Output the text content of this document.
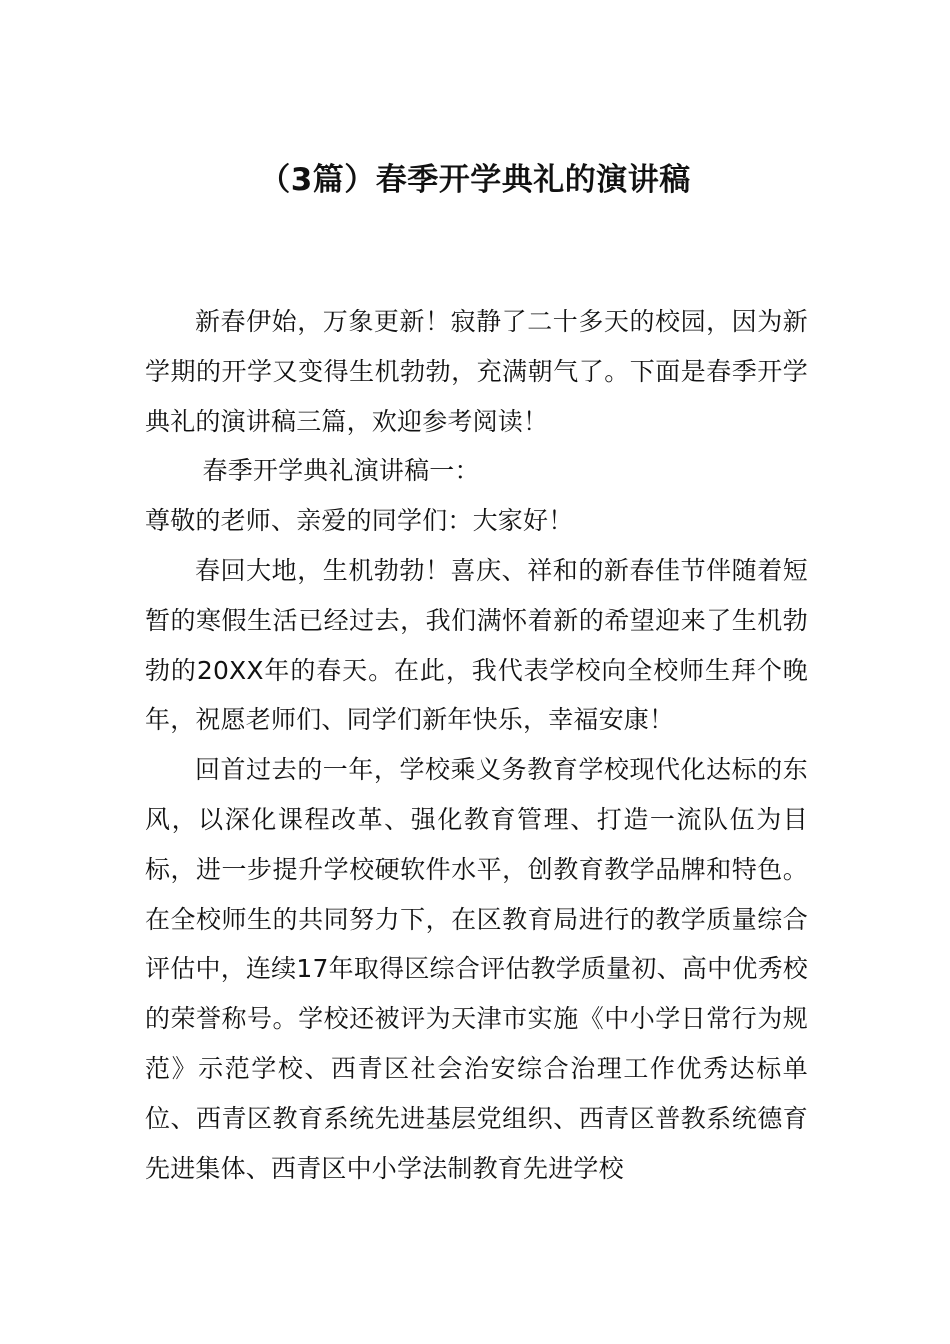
（3篇）春季开学典礼的演讲稿

新春伊始，万象更新！寂静了二十多天的校园，因为新学期的开学又变得生机勃勃，充满朝气了。下面是春季开学典礼的演讲稿三篇，欢迎参考阅读！

春季开学典礼演讲稿一：

尊敬的老师、亲爱的同学们：大家好！

春回大地，生机勃勃！喜庆、祥和的新春佳节伴随着短暂的寒假生活已经过去，我们满怀着新的希望迎来了生机勃勃的20XX年的春天。在此，我代表学校向全校师生拜个晚年，祝愿老师们、同学们新年快乐，幸福安康！

回首过去的一年，学校乘义务教育学校现代化达标的东风，以深化课程改革、强化教育管理、打造一流队伍为目标，进一步提升学校硬软件水平，创教育教学品牌和特色。在全校师生的共同努力下，在区教育局进行的教学质量综合评估中，连续17年取得区综合评估教学质量初、高中优秀校的荣誉称号。学校还被评为天津市实施《中小学日常行为规范》示范学校、西青区社会治安综合治理工作优秀达标单位、西青区教育系统先进基层党组织、西青区普教系统德育先进集体、西青区中小学法制教育先进学校
